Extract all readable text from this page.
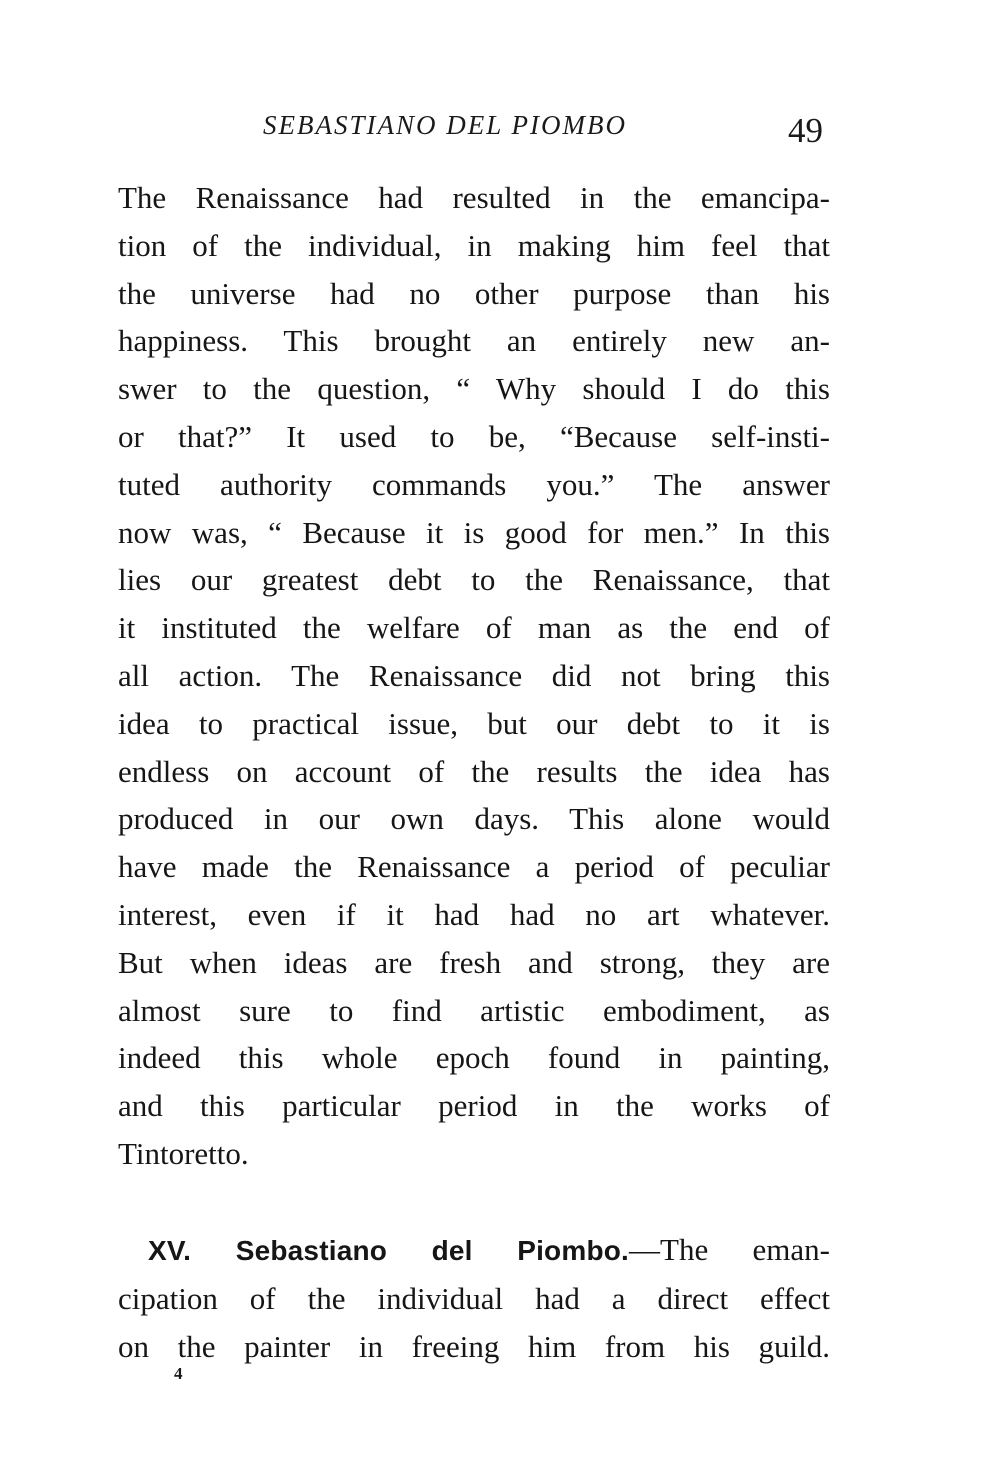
SEBASTIANO DEL PIOMBO	49
The Renaissance had resulted in the emancipa-
tion of the individual, in making him feel that
the universe had no other purpose than his
happiness. This brought an entirely new an-
swer to the question, “ Why should I do this
or that?” It used to be, “Because self-insti-
tuted authority commands you.” The answer
now was, “ Because it is good for men.” In this
lies our greatest debt to the Renaissance, that
it instituted the welfare of man as the end of
all action. The Renaissance did not bring this
idea to practical issue, but our debt to it is
endless on account of the results the idea has
produced in our own days. This alone would
have made the Renaissance a period of peculiar
interest, even if it had had no art whatever.
But when ideas are fresh and strong, they are
almost sure to find artistic embodiment, as
indeed this whole epoch found in painting,
and this particular period in the works of
Tintoretto.
XV. Sebastiano del Piombo.—The eman-
cipation of the individual had a direct effect
on the painter in freeing him from his guild.
4
